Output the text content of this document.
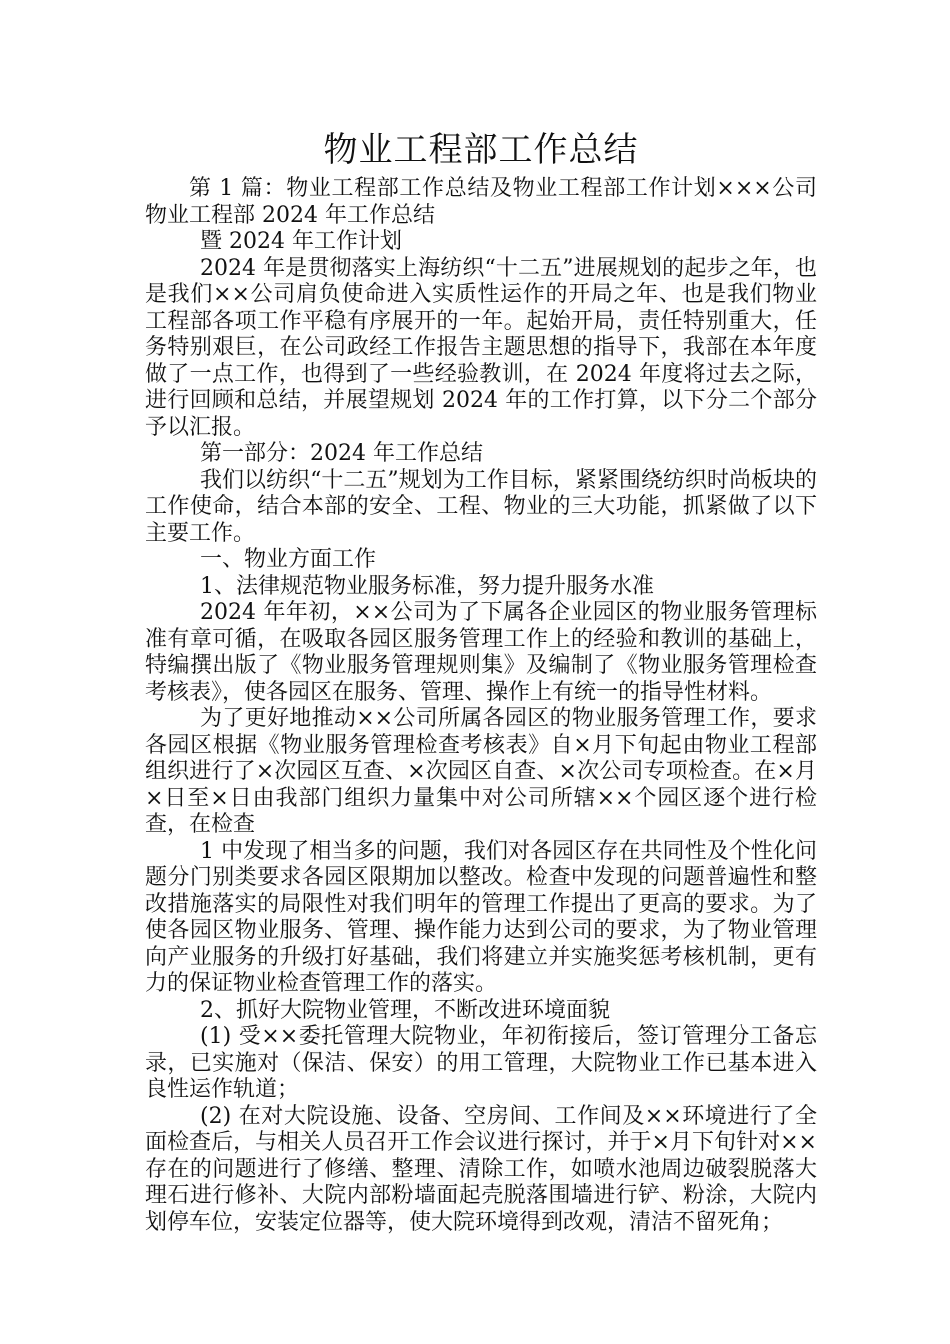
物业工程部工作总结

第 1 篇：物业工程部工作总结及物业工程部工作计划×××公司物业工程部 2024 年工作总结

暨 2024 年工作计划

2024 年是贯彻落实上海纺织“十二五”进展规划的起步之年，也是我们××公司肩负使命进入实质性运作的开局之年、也是我们物业工程部各项工作平稳有序展开的一年。起始开局，责任特别重大，任务特别艰巨，在公司政经工作报告主题思想的指导下，我部在本年度做了一点工作，也得到了一些经验教训，在 2024 年度将过去之际，进行回顾和总结，并展望规划 2024 年的工作打算，以下分二个部分予以汇报。

第一部分：2024 年工作总结

我们以纺织“十二五”规划为工作目标，紧紧围绕纺织时尚板块的工作使命，结合本部的安全、工程、物业的三大功能，抓紧做了以下主要工作。

一、物业方面工作

1、法律规范物业服务标准，努力提升服务水准

2024 年年初，××公司为了下属各企业园区的物业服务管理标准有章可循，在吸取各园区服务管理工作上的经验和教训的基础上，特编撰出版了《物业服务管理规则集》及编制了《物业服务管理检查考核表》，使各园区在服务、管理、操作上有统一的指导性材料。

为了更好地推动××公司所属各园区的物业服务管理工作，要求各园区根据《物业服务管理检查考核表》自×月下旬起由物业工程部组织进行了×次园区互查、×次园区自查、×次公司专项检查。在×月×日至×日由我部门组织力量集中对公司所辖××个园区逐个进行检查，在检查

1 中发现了相当多的问题，我们对各园区存在共同性及个性化问题分门别类要求各园区限期加以整改。检查中发现的问题普遍性和整改措施落实的局限性对我们明年的管理工作提出了更高的要求。为了使各园区物业服务、管理、操作能力达到公司的要求，为了物业管理向产业服务的升级打好基础，我们将建立并实施奖惩考核机制，更有力的保证物业检查管理工作的落实。

2、抓好大院物业管理，不断改进环境面貌

(1) 受××委托管理大院物业，年初衔接后，签订管理分工备忘录，已实施对（保洁、保安）的用工管理，大院物业工作已基本进入良性运作轨道；

(2) 在对大院设施、设备、空房间、工作间及××环境进行了全面检查后，与相关人员召开工作会议进行探讨，并于×月下旬针对××存在的问题进行了修缮、整理、清除工作，如喷水池周边破裂脱落大理石进行修补、大院内部粉墙面起壳脱落围墙进行铲、粉涂，大院内划停车位，安装定位器等，使大院环境得到改观，清洁不留死角；
